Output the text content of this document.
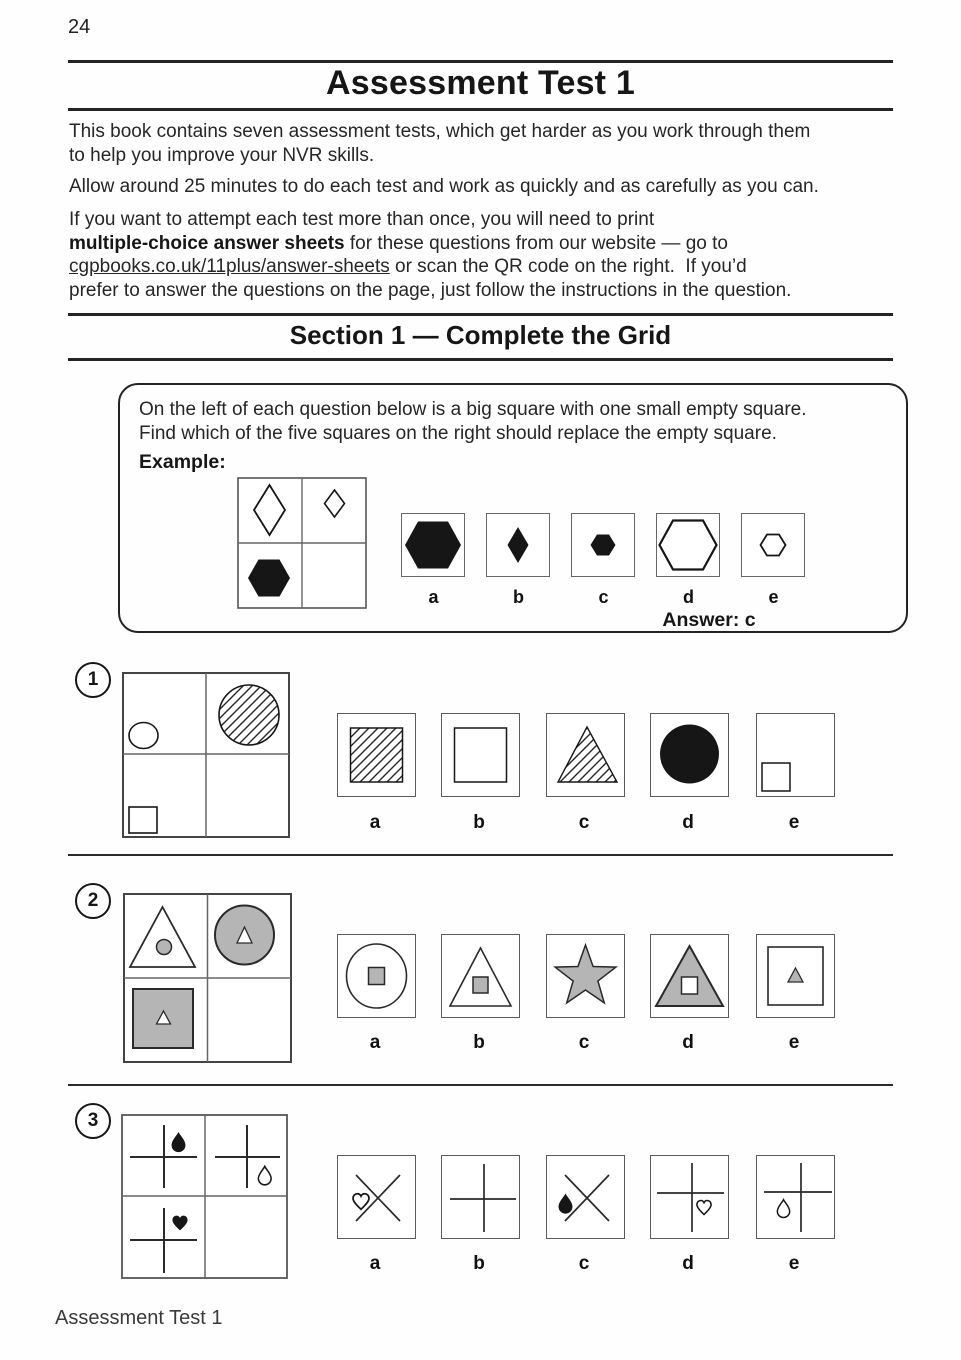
24
Assessment Test 1
This book contains seven assessment tests, which get harder as you work through them
to help you improve your NVR skills.
Allow around 25 minutes to do each test and work as quickly and as carefully as you can.
If you want to attempt each test more than once, you will need to print
multiple-choice answer sheets for these questions from our website — go to
cgpbooks.co.uk/11plus/answer-sheets or scan the QR code on the right.  If you’d
prefer to answer the questions on the page, just follow the instructions in the question.
Section 1 — Complete the Grid
On the left of each question below is a big square with one small empty square.
Find which of the five squares on the right should replace the empty square.
Example:
a	b	c	d	e
Answer: c
1
a	b	c	d	e
2
a	b	c	d	e
3
a	b	c	d	e
Assessment Test 1
